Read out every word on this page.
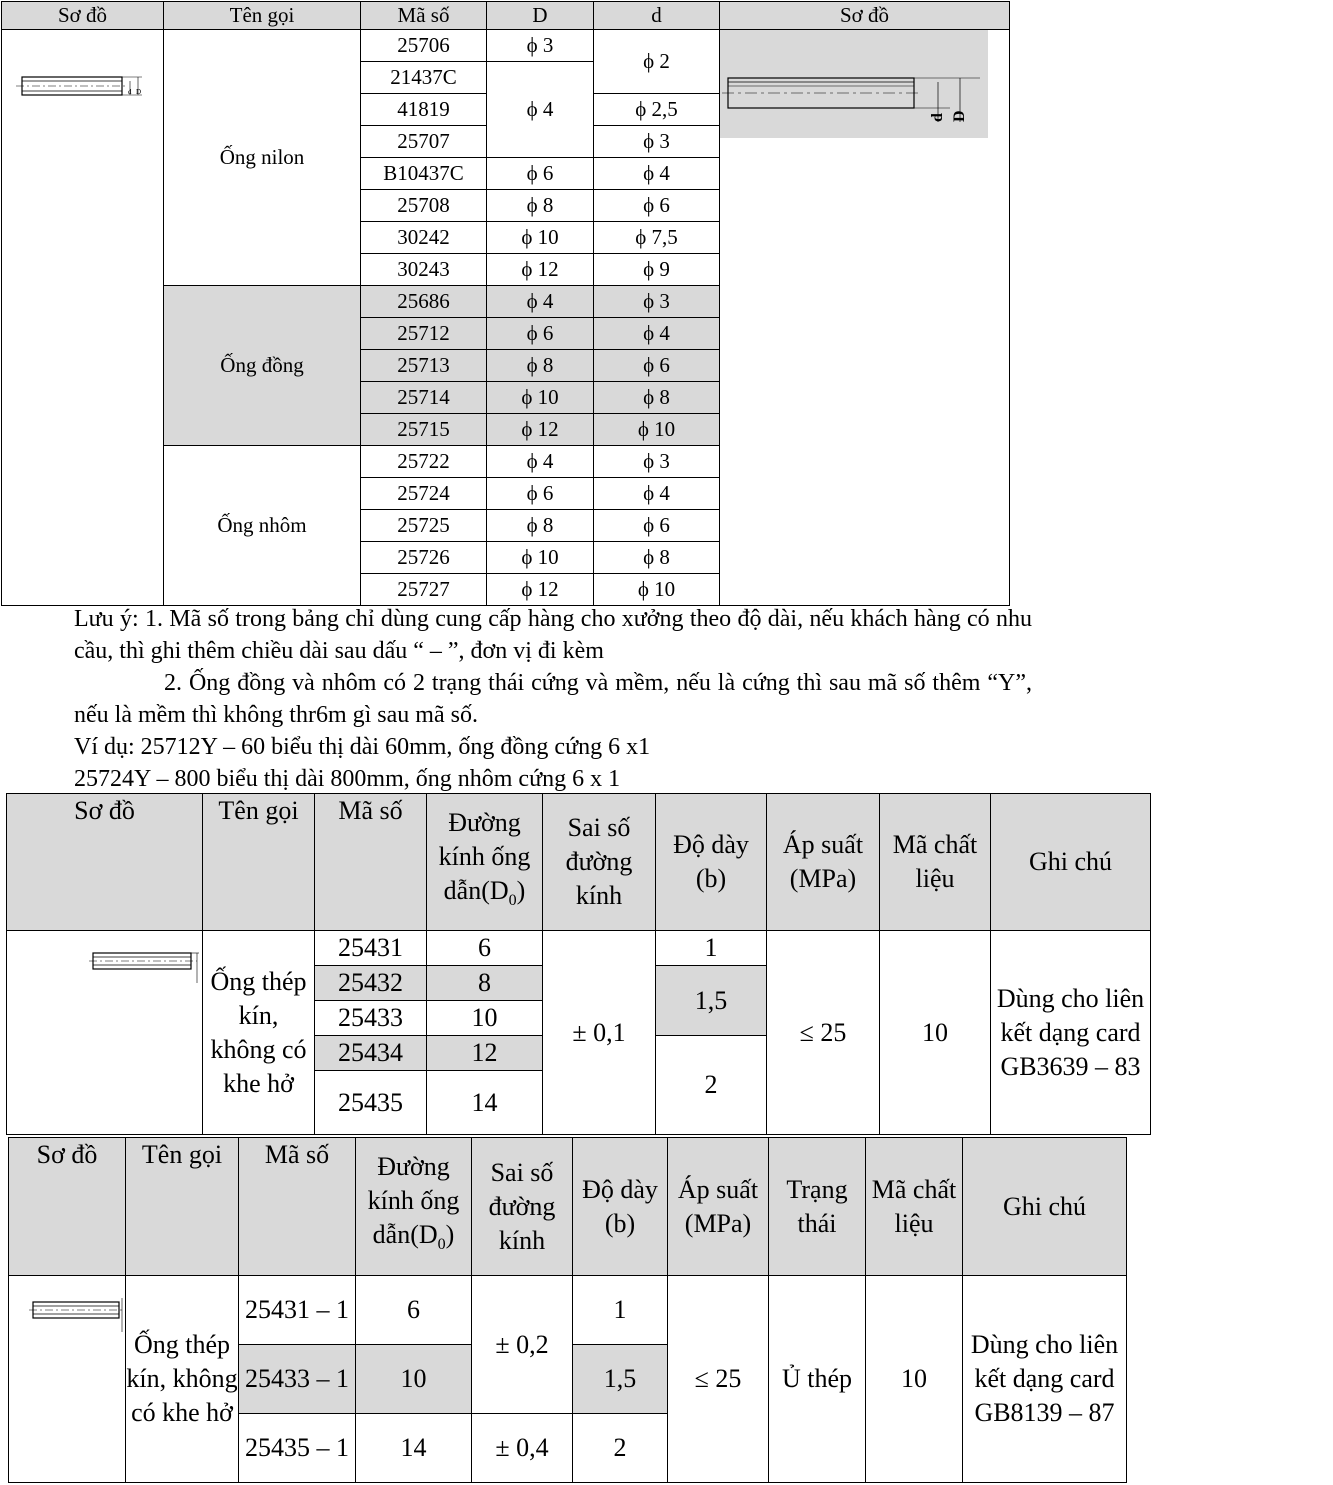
Sơ đồ	Tên gọi	Mã số	D	d	Sơ đồ

d D	Ống nilon	25706	ϕ 3	ϕ 2	d D

		21437C	ϕ 4		
		41819		ϕ 2,5	
		25707		ϕ 3	
		B10437C	ϕ 6	ϕ 4	
		25708	ϕ 8	ϕ 6	
		30242	ϕ 10	ϕ 7,5	
		30243	ϕ 12	ϕ 9	
	Ống đồng	25686	ϕ 4	ϕ 3	
		25712	ϕ 6	ϕ 4	
		25713	ϕ 8	ϕ 6	
		25714	ϕ 10	ϕ 8	
		25715	ϕ 12	ϕ 10	
	Ống nhôm	25722	ϕ 4	ϕ 3	
		25724	ϕ 6	ϕ 4	
		25725	ϕ 8	ϕ 6	
		25726	ϕ 10	ϕ 8	
		25727	ϕ 12	ϕ 10	

Lưu ý: 1. Mã số trong bảng chỉ dùng cung cấp hàng cho xưởng theo độ dài, nếu khách hàng có nhu cầu, thì ghi thêm chiều dài sau dấu “ – ”, đơn vị đi kèm

2. Ống đồng và nhôm có 2 trạng thái cứng và mềm, nếu là cứng thì sau mã số thêm “Y”, nếu là mềm thì không thr6m gì sau mã số.

Ví dụ: 25712Y – 60 biểu thị dài 60mm, ống đồng cứng 6 x1

25724Y – 800 biểu thị dài 800mm, ống nhôm cứng 6 x 1

Sơ đồ	Tên gọi	Mã số	Đường kính ống $dẫn(D_0)$	Sai số đường kính	Độ dày (b)	Áp suất (MPa)	Mã chất liệu	Ghi chú

	Ống thép kín, không có khe hở	25431	6	± 0,1	1	≤ 25	10	Dùng cho liên kết dạng card GB3639 – 83
		25432	8		1,5			
		25433	10					
		25434	12		2			
		25435	14					
Sơ đồ	Tên gọi	Mã số	Đường kính ống $dẫn(D_0)$	Sai số đường kính	Độ dày (b)	Áp suất (MPa)	Trạng thái	Mã chất liệu	Ghi chú

	Ống thép kín, không có khe hở	25431 – 1	6	± 0,2	1	≤ 25	Ủ thép	10	Dùng cho liên kết dạng card GB8139 – 87
		25433 – 1	10		1,5				
		25435 – 1	14	± 0,4	2				
